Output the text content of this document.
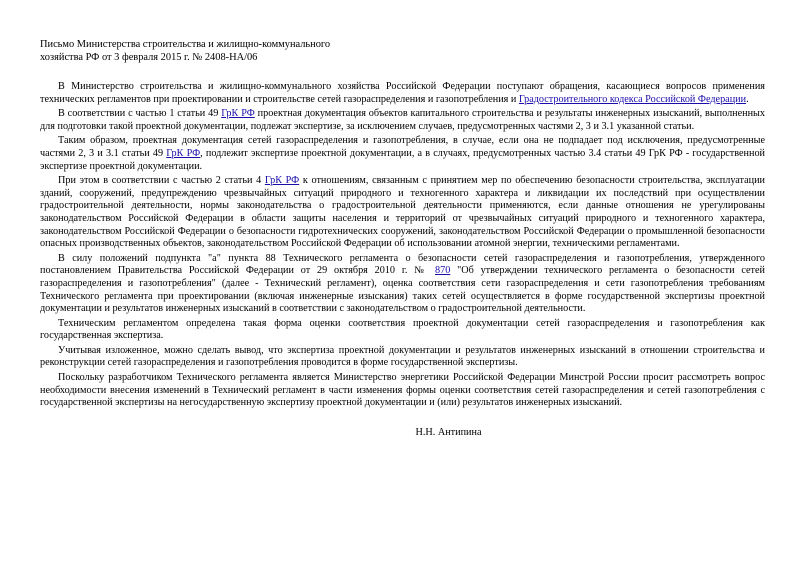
Письмо Министерства строительства и жилищно-коммунального
хозяйства РФ от 3 февраля 2015 г. № 2408-НА/06

В Министерство строительства и жилищно-коммунального хозяйства Российской Федерации поступают обращения, касающиеся вопросов применения технических регламентов при проектировании и строительстве сетей газораспределения и газопотребления и Градостроительного кодекса Российской Федерации.

В соответствии с частью 1 статьи 49 ГрК РФ проектная документация объектов капитального строительства и результаты инженерных изысканий, выполненных для подготовки такой проектной документации, подлежат экспертизе, за исключением случаев, предусмотренных частями 2, 3 и 3.1 указанной статьи.

Таким образом, проектная документация сетей газораспределения и газопотребления, в случае, если она не подпадает под исключения, предусмотренные частями 2, 3 и 3.1 статьи 49 ГрК РФ, подлежит экспертизе проектной документации, а в случаях, предусмотренных частью 3.4 статьи 49 ГрК РФ - государственной экспертизе проектной документации.

При этом в соответствии с частью 2 статьи 4 ГрК РФ к отношениям, связанным с принятием мер по обеспечению безопасности строительства, эксплуатации зданий, сооружений, предупреждению чрезвычайных ситуаций природного и техногенного характера и ликвидации их последствий при осуществлении градостроительной деятельности, нормы законодательства о градостроительной деятельности применяются, если данные отношения не урегулированы законодательством Российской Федерации в области защиты населения и территорий от чрезвычайных ситуаций природного и техногенного характера, законодательством Российской Федерации о безопасности гидротехнических сооружений, законодательством Российской Федерации о промышленной безопасности опасных производственных объектов, законодательством Российской Федерации об использовании атомной энергии, техническими регламентами.

В силу положений подпункта "а" пункта 88 Технического регламента о безопасности сетей газораспределения и газопотребления, утвержденного постановлением Правительства Российской Федерации от 29 октября 2010 г. № 870 "Об утверждении технического регламента о безопасности сетей газораспределения и газопотребления" (далее - Технический регламент), оценка соответствия сети газораспределения и сети газопотребления требованиям Технического регламента при проектировании (включая инженерные изыскания) таких сетей осуществляется в форме государственной экспертизы проектной документации и результатов инженерных изысканий в соответствии с законодательством о градостроительной деятельности.

Техническим регламентом определена такая форма оценки соответствия проектной документации сетей газораспределения и газопотребления как государственная экспертиза.

Учитывая изложенное, можно сделать вывод, что экспертиза проектной документации и результатов инженерных изысканий в отношении строительства и реконструкции сетей газораспределения и газопотребления проводится в форме государственной экспертизы.

Поскольку разработчиком Технического регламента является Министерство энергетики Российской Федерации Минстрой России просит рассмотреть вопрос необходимости внесения изменений в Технический регламент в части изменения формы оценки соответствия сетей газораспределения и сетей газопотребления с государственной экспертизы на негосударственную экспертизу проектной документации и (или) результатов инженерных изысканий.

Н.Н. Антипина
